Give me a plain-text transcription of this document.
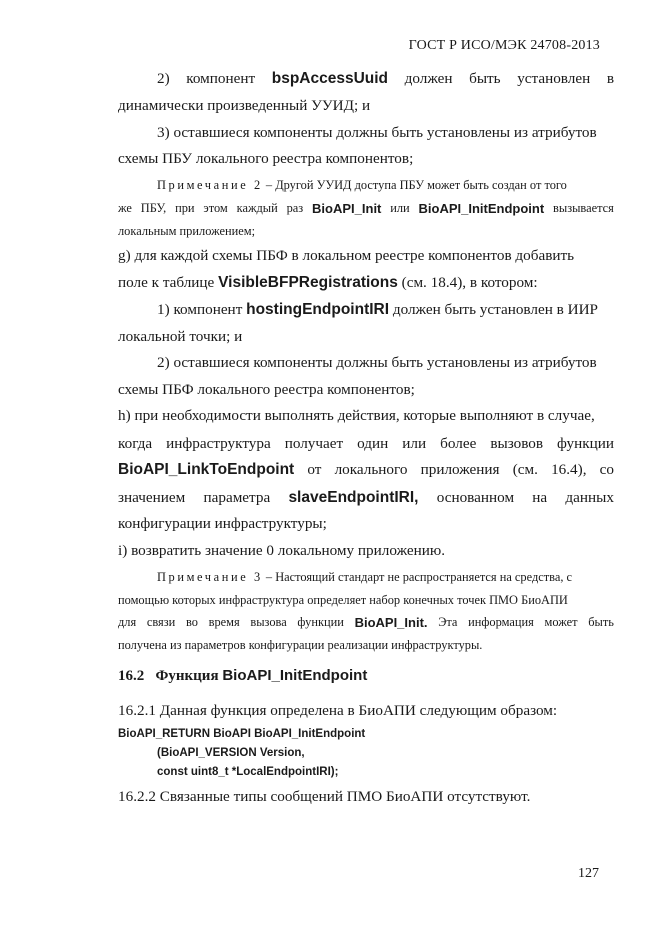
ГОСТ Р ИСО/МЭК 24708-2013
2) компонент bspAccessUuid должен быть установлен в
динамически произведенный УУИД; и
3) оставшиеся компоненты должны быть установлены из атрибутов
схемы ПБУ локального реестра компонентов;
Примечание 2 – Другой УУИД доступа ПБУ может быть создан от того
же ПБУ, при этом каждый раз BioAPI_Init или BioAPI_InitEndpoint вызывается
локальным приложением;
g) для каждой схемы ПБФ в локальном реестре компонентов добавить
поле к таблице VisibleBFPRegistrations (см. 18.4), в котором:
1) компонент hostingEndpointIRI должен быть установлен в ИИР
локальной точки; и
2) оставшиеся компоненты должны быть установлены из атрибутов
схемы ПБФ локального реестра компонентов;
h) при необходимости выполнять действия, которые выполняют в случае,
когда инфраструктура получает один или более вызовов функции
BioAPI_LinkToEndpoint от локального приложения (см. 16.4), со
значением параметра slaveEndpointIRI, основанном на данных
конфигурации инфраструктуры;
i) возвратить значение 0 локальному приложению.
Примечание 3 – Настоящий стандарт не распространяется на средства, с
помощью которых инфраструктура определяет набор конечных точек ПМО БиоАПИ
для связи во время вызова функции BioAPI_Init. Эта информация может быть
получена из параметров конфигурации реализации инфраструктуры.
16.2 Функция BioAPI_InitEndpoint
16.2.1 Данная функция определена в БиоАПИ следующим образом:
BioAPI_RETURN BioAPI BioAPI_InitEndpoint
(BioAPI_VERSION Version,
const uint8_t *LocalEndpointIRI);
16.2.2 Связанные типы сообщений ПМО БиоАПИ отсутствуют.
127
